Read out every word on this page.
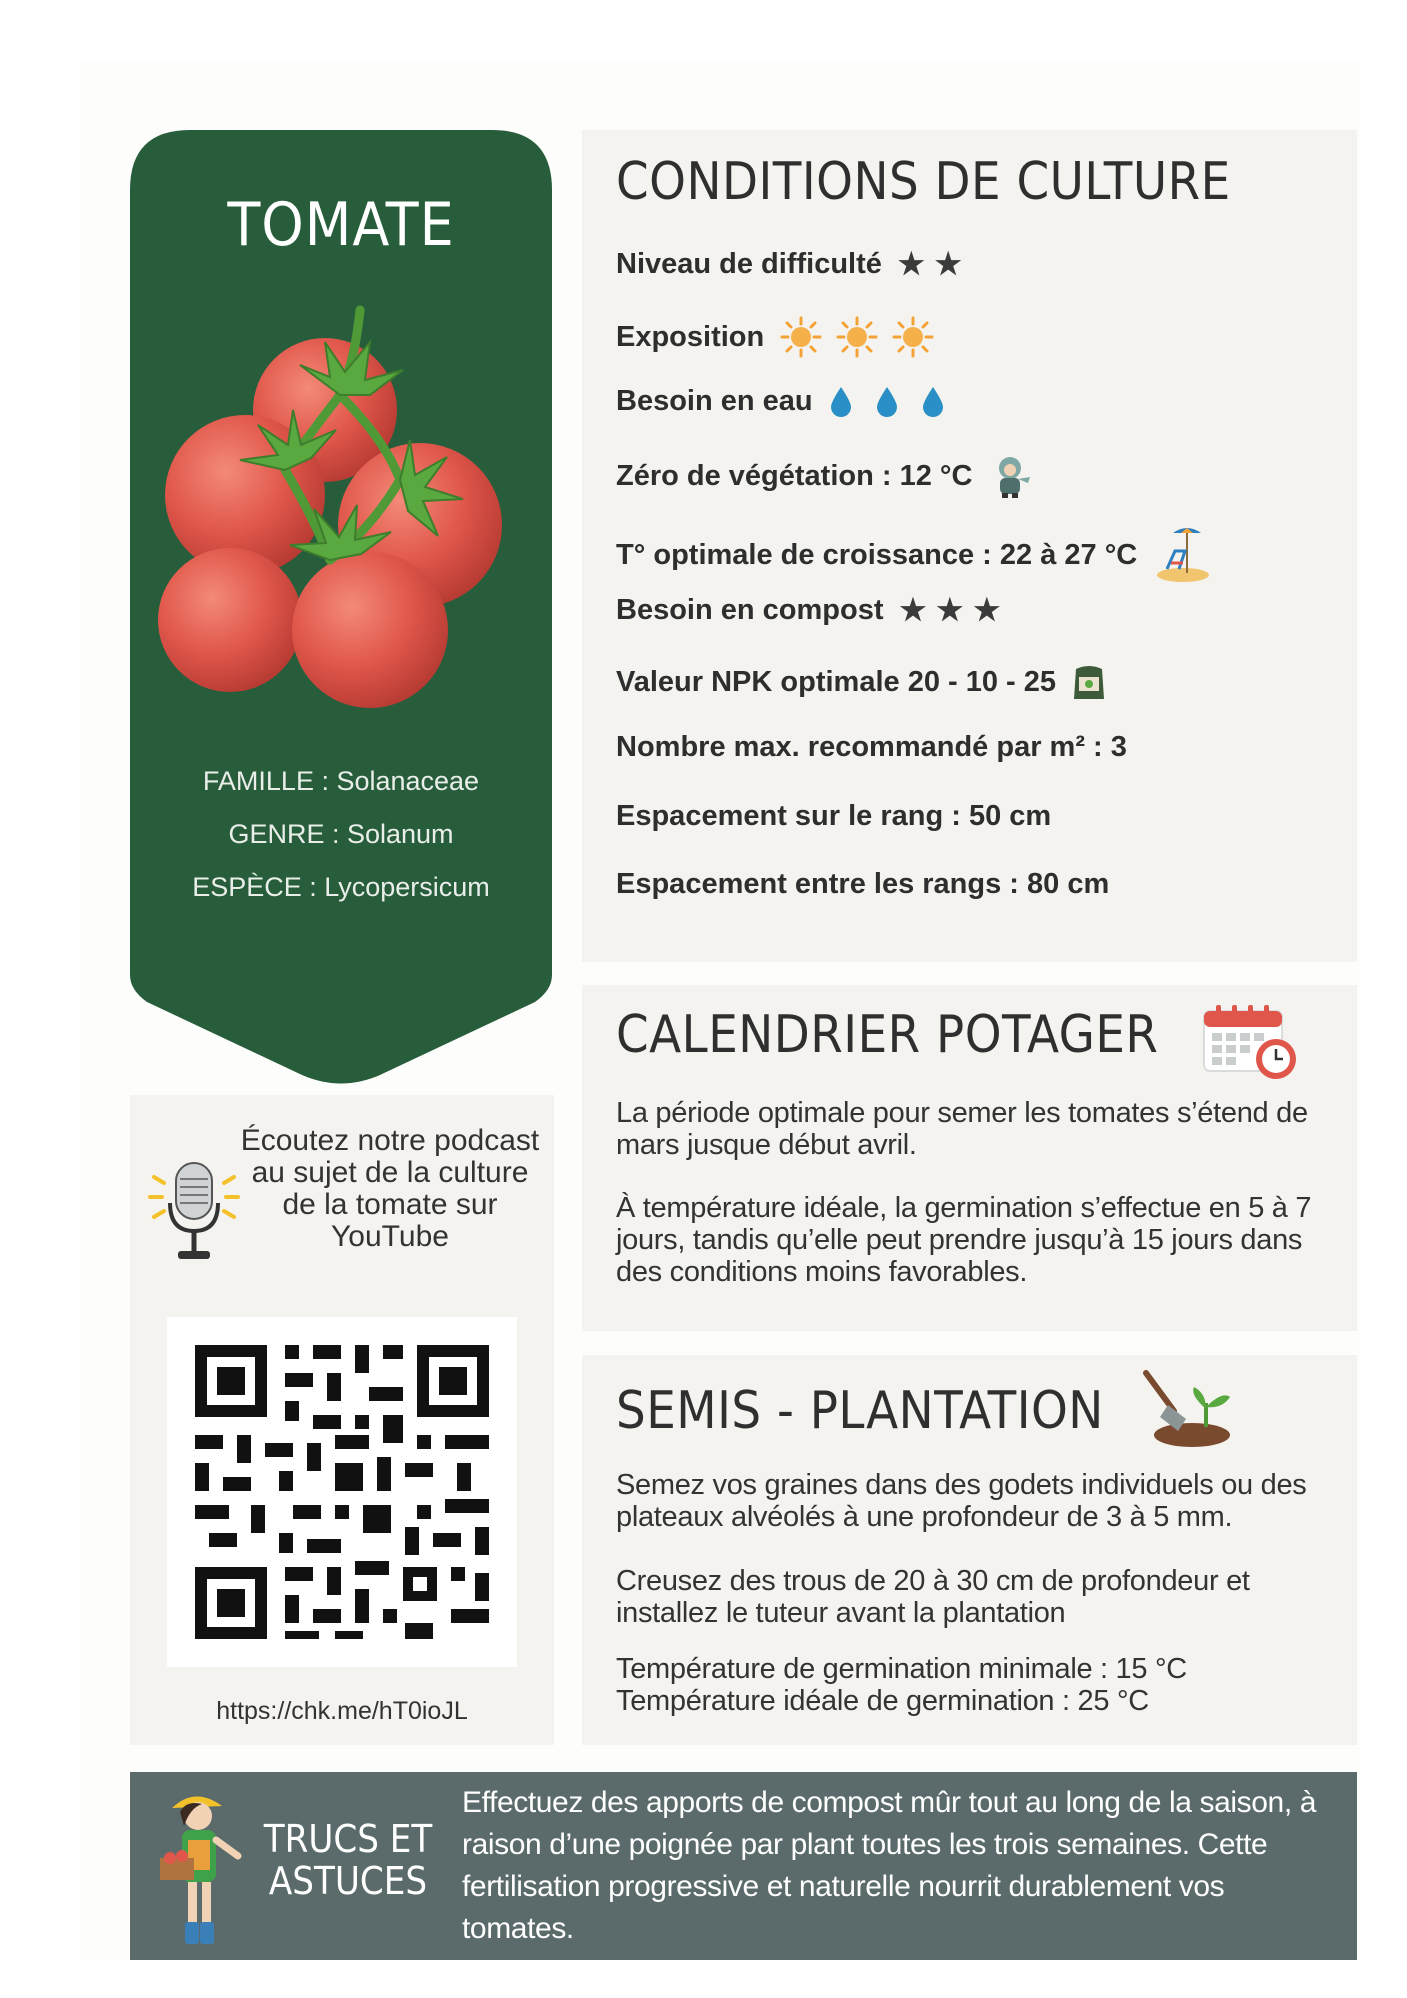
TOMATE
FAMILLE : Solanaceae
GENRE : Solanum
ESPÈCE : Lycopersicum
CONDITIONS DE CULTURE
Niveau de difficulté ★ ★
Exposition
Besoin en eau
Zéro de végétation : 12 °C
T° optimale de croissance : 22 à 27 °C
Besoin en compost ★ ★ ★
Valeur NPK optimale 20 - 10 - 25
Nombre max. recommandé par m² : 3
Espacement sur le rang : 50 cm
Espacement entre les rangs : 80 cm
CALENDRIER POTAGER
La période optimale pour semer les tomates s’étend de mars jusque début avril.
À température idéale, la germination s’effectue en 5 à 7 jours, tandis qu’elle peut prendre jusqu’à 15 jours dans des conditions moins favorables.
SEMIS - PLANTATION
Semez vos graines dans des godets individuels ou des plateaux alvéolés à une profondeur de 3 à 5 mm.
Creusez des trous de 20 à 30 cm de profondeur et installez le tuteur avant la plantation
Température de germination minimale : 15 °C
Température idéale de germination : 25 °C
Écoutez notre podcast au sujet de la culture de la tomate sur YouTube
https://chk.me/hT0ioJL
TRUCS ET ASTUCES
Effectuez des apports de compost mûr tout au long de la saison, à raison d’une poignée par plant toutes les trois semaines. Cette fertilisation progressive et naturelle nourrit durablement vos tomates.
